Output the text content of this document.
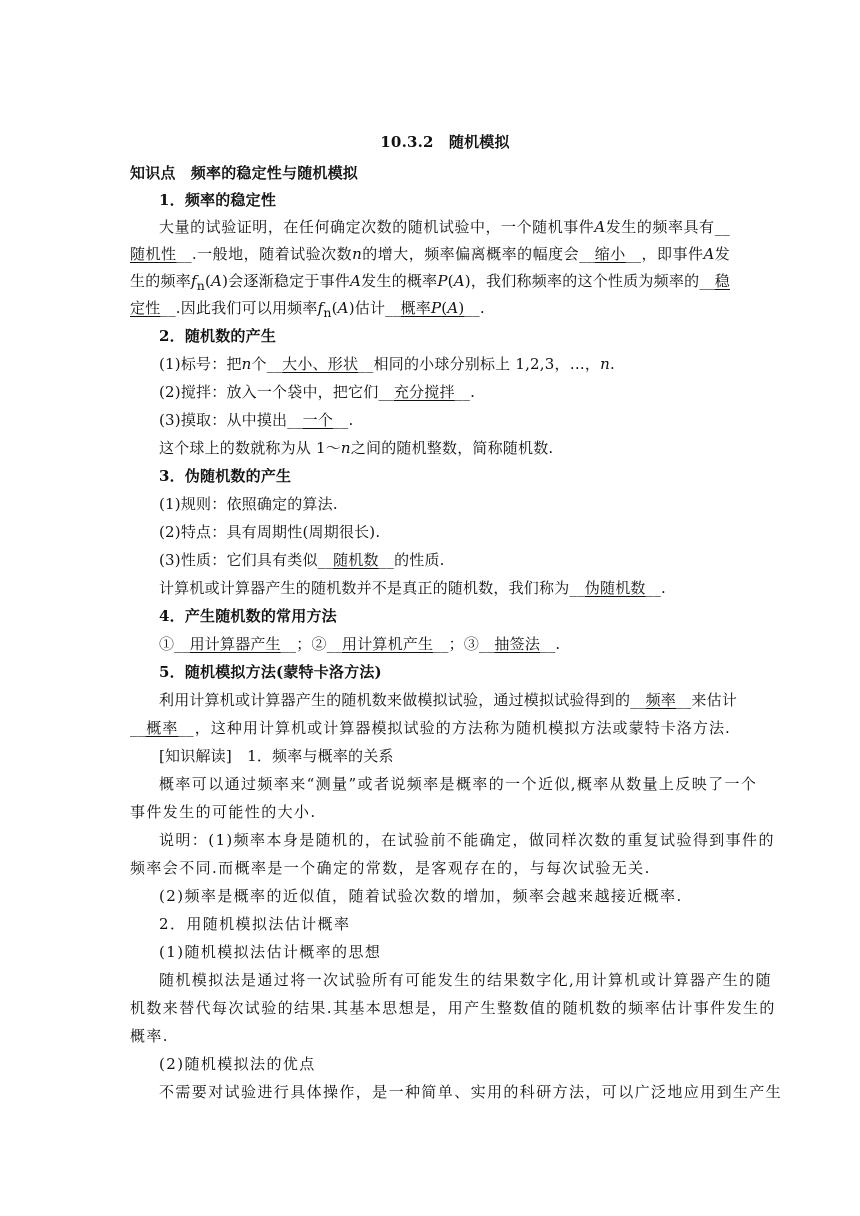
10.3.2　随机模拟
知识点　频率的稳定性与随机模拟
1．频率的稳定性
大量的试验证明，在任何确定次数的随机试验中，一个随机事件A发生的频率具有__
随机性__.一般地，随着试验次数n的增大，频率偏离概率的幅度会__缩小__，即事件A发
生的频率$f_n(A)$会逐渐稳定于事件A发生的概率P(A)，我们称频率的这个性质为频率的__稳
定性__.因此我们可以用频率$f_n(A)$估计__概率P(A)__.
2．随机数的产生
(1)标号：把n个__大小、形状__相同的小球分别标上 1,2,3，…，n.
(2)搅拌：放入一个袋中，把它们__充分搅拌__.
(3)摸取：从中摸出__一个__.
这个球上的数就称为从 1～n之间的随机整数，简称随机数.
3．伪随机数的产生
(1)规则：依照确定的算法.
(2)特点：具有周期性(周期很长).
(3)性质：它们具有类似__随机数__的性质.
计算机或计算器产生的随机数并不是真正的随机数，我们称为__伪随机数__.
4．产生随机数的常用方法
①__用计算器产生__；②__用计算机产生__；③__抽签法__.
5．随机模拟方法(蒙特卡洛方法)
利用计算机或计算器产生的随机数来做模拟试验，通过模拟试验得到的__频率__来估计
__概率__，这种用计算机或计算器模拟试验的方法称为随机模拟方法或蒙特卡洛方法.
[知识解读]　1．频率与概率的关系
概率可以通过频率来“测量”或者说频率是概率的一个近似,概率从数量上反映了一个
事件发生的可能性的大小.
说明：(1)频率本身是随机的，在试验前不能确定，做同样次数的重复试验得到事件的
频率会不同.而概率是一个确定的常数，是客观存在的，与每次试验无关.
(2)频率是概率的近似值，随着试验次数的增加，频率会越来越接近概率.
2．用随机模拟法估计概率
(1)随机模拟法估计概率的思想
随机模拟法是通过将一次试验所有可能发生的结果数字化,用计算机或计算器产生的随
机数来替代每次试验的结果.其基本思想是，用产生整数值的随机数的频率估计事件发生的
概率.
(2)随机模拟法的优点
不需要对试验进行具体操作，是一种简单、实用的科研方法，可以广泛地应用到生产生
